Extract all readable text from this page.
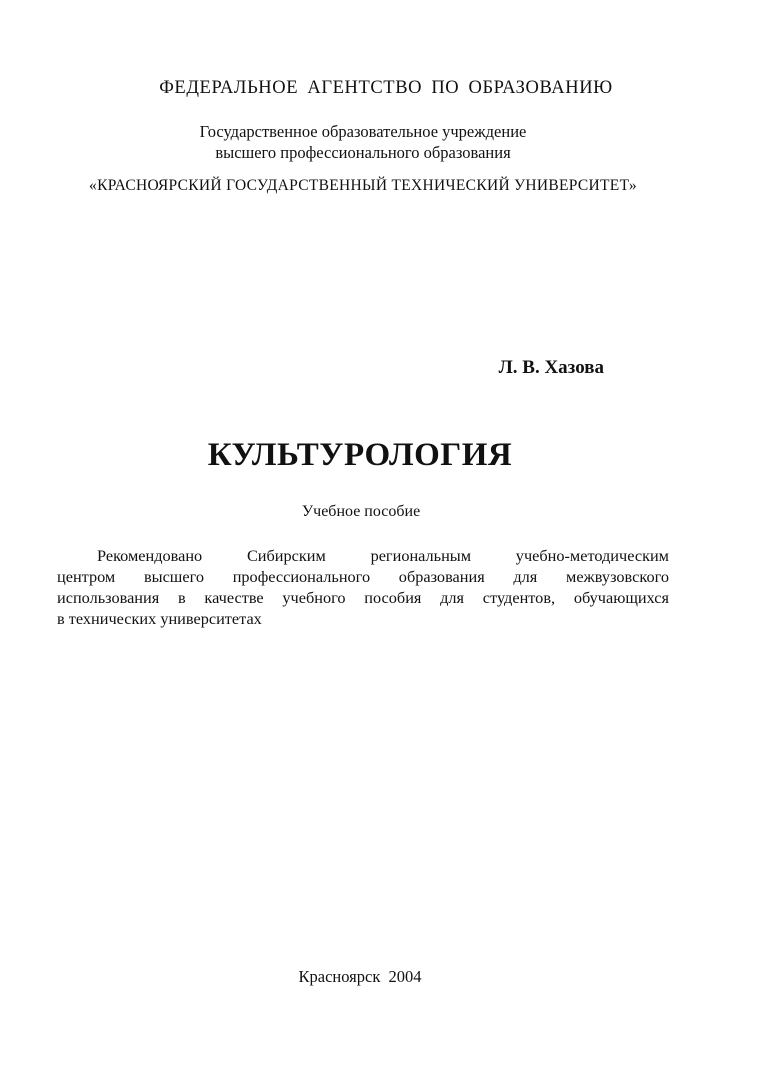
ФЕДЕРАЛЬНОЕ АГЕНТСТВО ПО ОБРАЗОВАНИЮ
Государственное образовательное учреждение
высшего профессионального образования
«КРАСНОЯРСКИЙ ГОСУДАРСТВЕННЫЙ ТЕХНИЧЕСКИЙ УНИВЕРСИТЕТ»
Л. В. Хазова
КУЛЬТУРОЛОГИЯ
Учебное пособие
Рекомендовано Сибирским региональным учебно-методическим
центром высшего профессионального образования для межвузовского
использования в качестве учебного пособия для студентов, обучающихся
в технических университетах
Красноярск 2004
